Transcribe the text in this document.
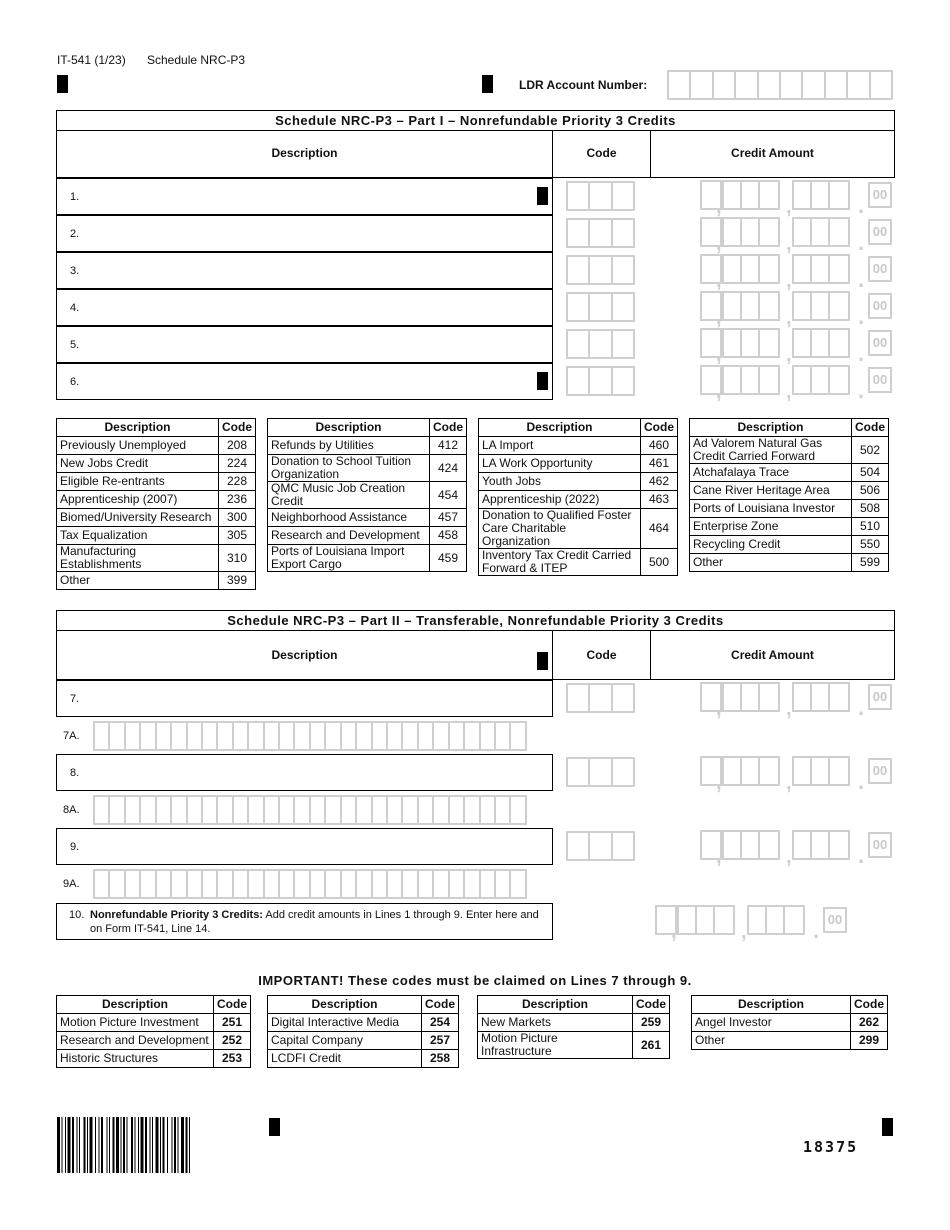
IT-541 (1/23) Schedule NRC-P3
LDR Account Number:
Schedule NRC-P3 – Part I – Nonrefundable Priority 3 Credits
Description	Code	Credit Amount
1.	,	,	. 00
2.	,	,	. 00
3.	,	,	. 00
4.	,	,	. 00
5.	,	,	. 00
6.	,	,	. 00
Description	Code
Previously Unemployed	208
New Jobs Credit	224
Eligible Re-entrants	228
Apprenticeship (2007)	236
Biomed/University Research	300
Tax Equalization	305
Manufacturing Establishments	310
Other	399
Description	Code
Refunds by Utilities	412
Donation to School Tuition Organization	424
QMC Music Job Creation Credit	454
Neighborhood Assistance	457
Research and Development	458
Ports of Louisiana Import Export Cargo	459
Description	Code
LA Import	460
LA Work Opportunity	461
Youth Jobs	462
Apprenticeship (2022)	463
Donation to Qualified Foster Care Charitable Organization	464
Inventory Tax Credit Carried Forward & ITEP	500
Description	Code
Ad Valorem Natural Gas Credit Carried Forward	502
Atchafalaya Trace	504
Cane River Heritage Area	506
Ports of Louisiana Investor	508
Enterprise Zone	510
Recycling Credit	550
Other	599
Schedule NRC-P3 – Part II – Transferable, Nonrefundable Priority 3 Credits
Description	Code	Credit Amount
7.	,	,	. 00
7A.
8.	,	,	. 00
8A.
9.	,	,	. 00
9A.
10. Nonrefundable Priority 3 Credits: Add credit amounts in Lines 1 through 9. Enter here and
on Form IT-541, Line 14.	,	,	. 00
IMPORTANT! These codes must be claimed on Lines 7 through 9.
Description	Code
Motion Picture Investment	251
Research and Development	252
Historic Structures	253
Description	Code
Digital Interactive Media	254
Capital Company	257
LCDFI Credit	258
Description	Code
New Markets	259
Motion Picture Infrastructure	261
Description	Code
Angel Investor	262
Other	299
18375
